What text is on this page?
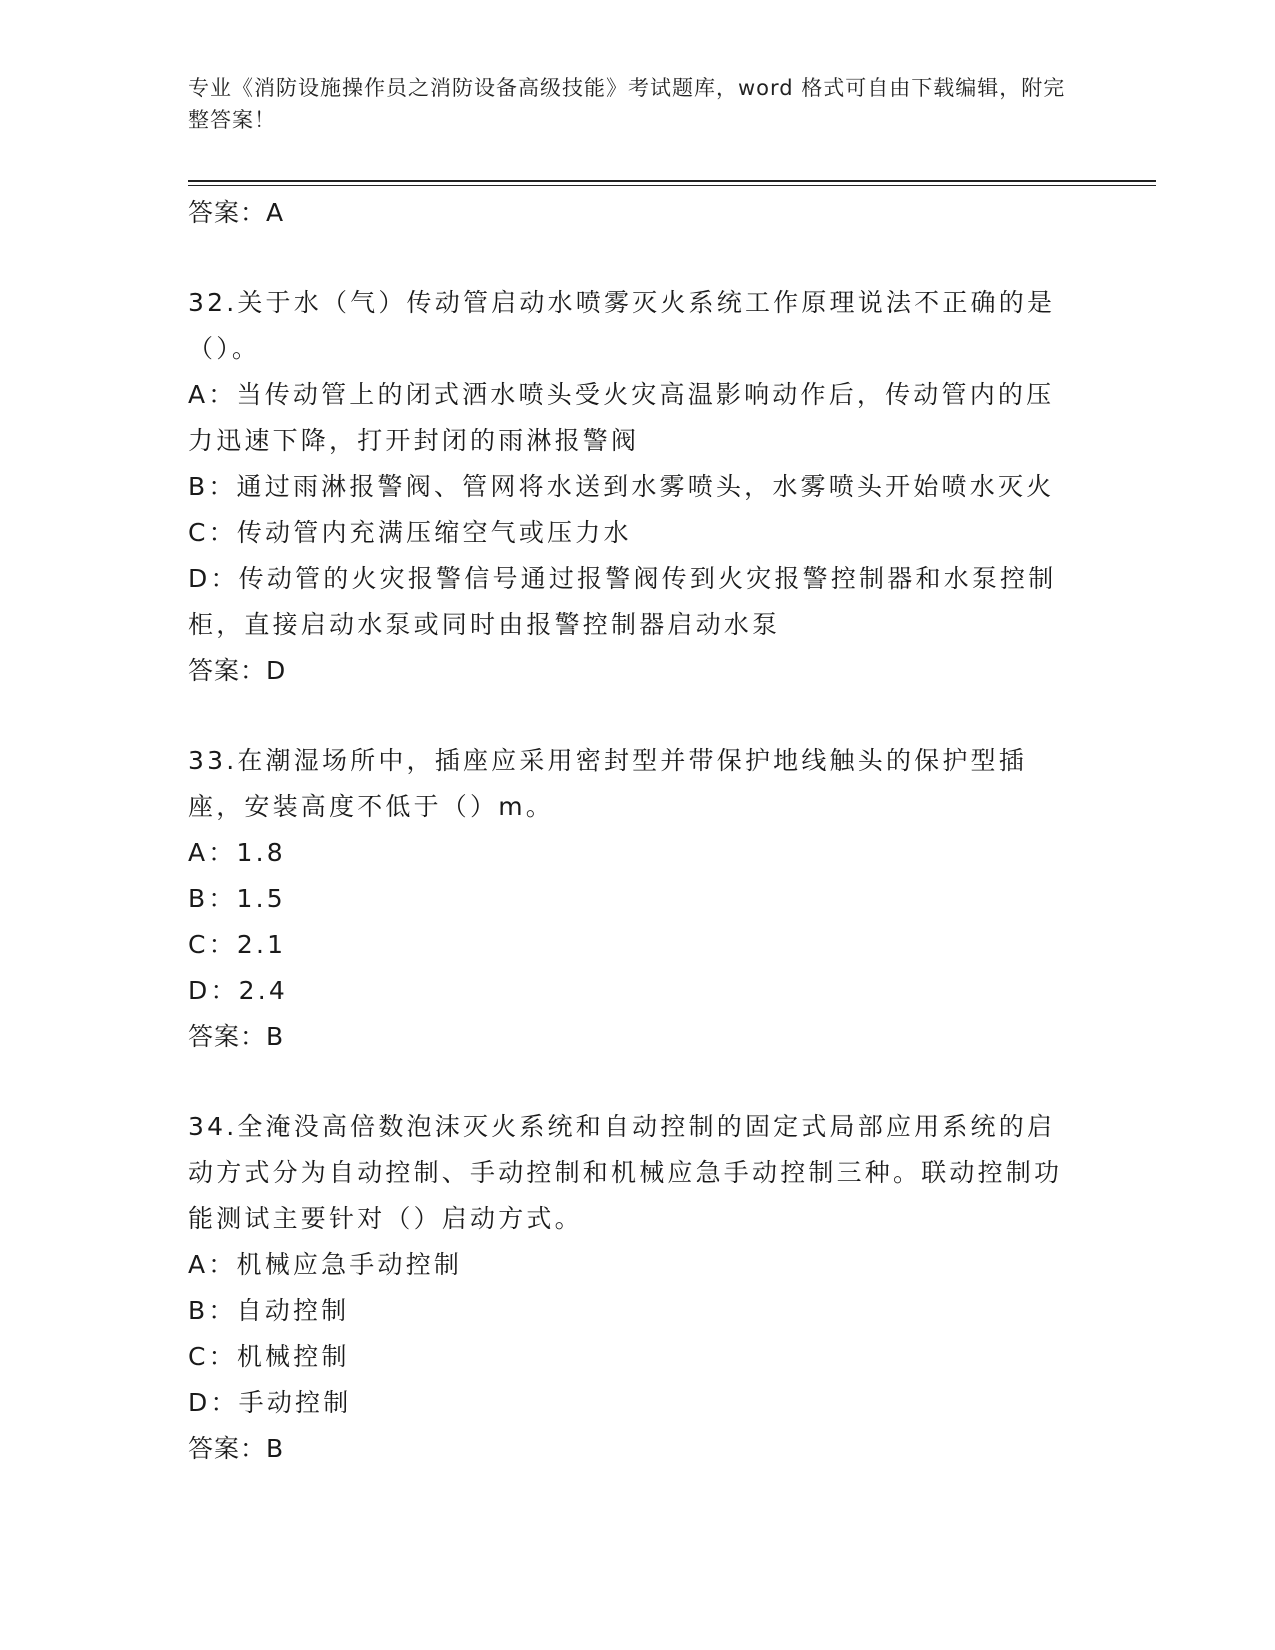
专业《消防设施操作员之消防设备高级技能》考试题库，word 格式可自由下载编辑，附完整答案！
答案：A
32.关于水（气）传动管启动水喷雾灭火系统工作原理说法不正确的是（）。
A：当传动管上的闭式洒水喷头受火灾高温影响动作后，传动管内的压力迅速下降，打开封闭的雨淋报警阀
B：通过雨淋报警阀、管网将水送到水雾喷头，水雾喷头开始喷水灭火
C：传动管内充满压缩空气或压力水
D：传动管的火灾报警信号通过报警阀传到火灾报警控制器和水泵控制柜，直接启动水泵或同时由报警控制器启动水泵
答案：D
33.在潮湿场所中，插座应采用密封型并带保护地线触头的保护型插座，安装高度不低于（）m。
A：1.8
B：1.5
C：2.1
D：2.4
答案：B
34.全淹没高倍数泡沫灭火系统和自动控制的固定式局部应用系统的启动方式分为自动控制、手动控制和机械应急手动控制三种。联动控制功能测试主要针对（）启动方式。
A：机械应急手动控制
B：自动控制
C：机械控制
D：手动控制
答案：B
